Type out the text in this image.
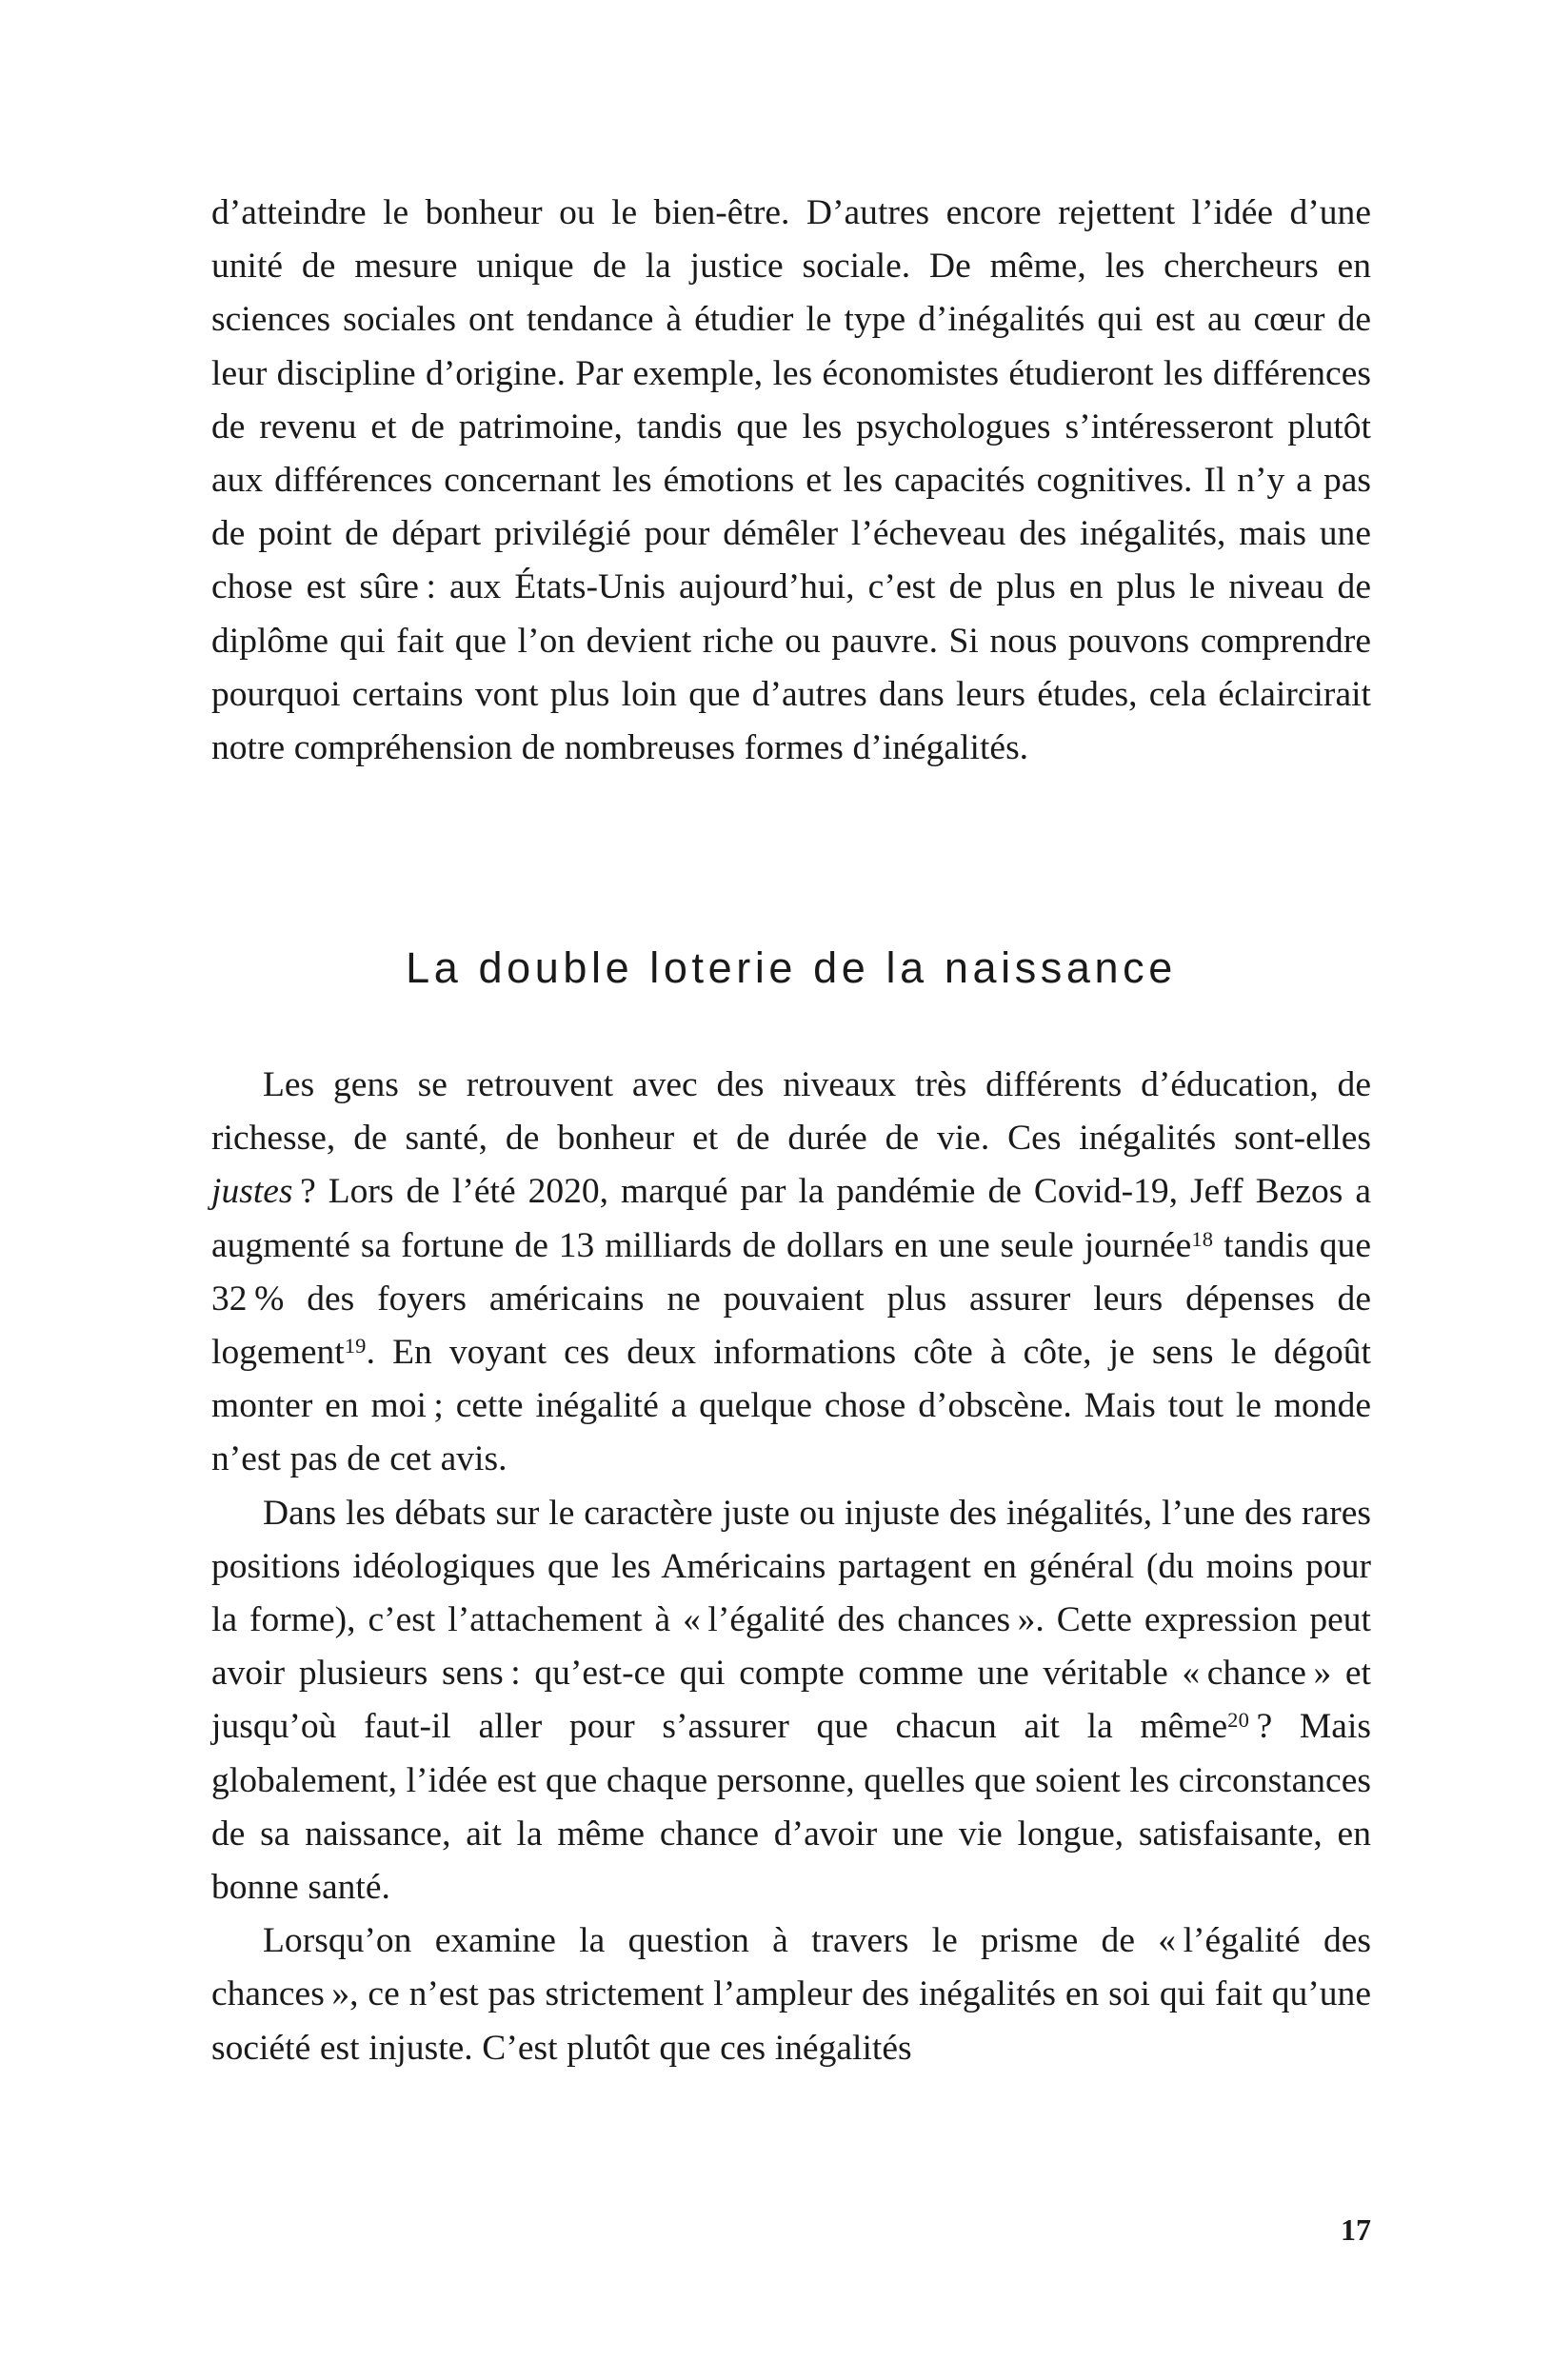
d’atteindre le bonheur ou le bien-être. D’autres encore rejettent l’idée d’une unité de mesure unique de la justice sociale. De même, les chercheurs en sciences sociales ont tendance à étudier le type d’inégalités qui est au cœur de leur discipline d’origine. Par exemple, les économistes étudieront les différences de revenu et de patrimoine, tandis que les psychologues s’intéresseront plutôt aux différences concernant les émotions et les capacités cognitives. Il n’y a pas de point de départ privilégié pour démêler l’écheveau des inégalités, mais une chose est sûre : aux États-Unis aujourd’hui, c’est de plus en plus le niveau de diplôme qui fait que l’on devient riche ou pauvre. Si nous pouvons comprendre pourquoi certains vont plus loin que d’autres dans leurs études, cela éclaircirait notre compréhension de nombreuses formes d’inégalités.

La double loterie de la naissance

Les gens se retrouvent avec des niveaux très différents d’éducation, de richesse, de santé, de bonheur et de durée de vie. Ces inégalités sont-elles justes ? Lors de l’été 2020, marqué par la pandémie de Covid-19, Jeff Bezos a augmenté sa fortune de 13 milliards de dollars en une seule journée$^{18}$ tandis que 32 % des foyers américains ne pouvaient plus assurer leurs dépenses de logement$^{19}$. En voyant ces deux informations côte à côte, je sens le dégoût monter en moi ; cette inégalité a quelque chose d’obscène. Mais tout le monde n’est pas de cet avis.

Dans les débats sur le caractère juste ou injuste des inégalités, l’une des rares positions idéologiques que les Américains partagent en général (du moins pour la forme), c’est l’attachement à « l’égalité des chances ». Cette expression peut avoir plusieurs sens : qu’est-ce qui compte comme une véritable « chance » et jusqu’où faut-il aller pour s’assurer que chacun ait la même$^{20}$ ? Mais globalement, l’idée est que chaque personne, quelles que soient les circonstances de sa naissance, ait la même chance d’avoir une vie longue, satisfaisante, en bonne santé.

Lorsqu’on examine la question à travers le prisme de « l’égalité des chances », ce n’est pas strictement l’ampleur des inégalités en soi qui fait qu’une société est injuste. C’est plutôt que ces inégalités

17
